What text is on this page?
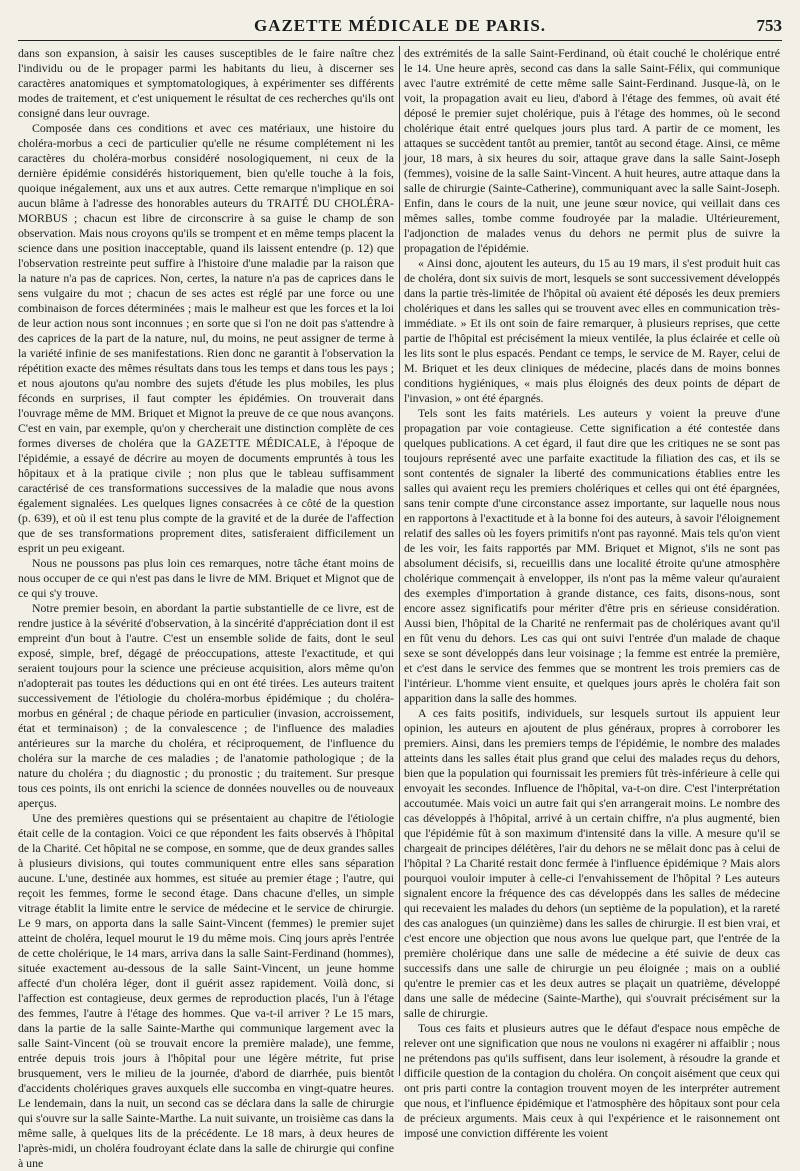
GAZETTE MÉDICALE DE PARIS.	753

dans son expansion, à saisir les causes susceptibles de le faire naître chez l'individu ou de le propager parmi les habitants du lieu, à discerner ses caractères anatomiques et symptomatologiques, à expérimenter ses différents modes de traitement, et c'est uniquement le résultat de ces recherches qu'ils ont consigné dans leur ouvrage.

Composée dans ces conditions et avec ces matériaux, une histoire du choléra-morbus a ceci de particulier qu'elle ne résume complétement ni les caractères du choléra-morbus considéré nosologiquement, ni ceux de la dernière épidémie considérés historiquement, bien qu'elle touche à la fois, quoique inégalement, aux uns et aux autres. Cette remarque n'implique en soi aucun blâme à l'adresse des honorables auteurs du TRAITÉ DU CHOLÉRA-MORBUS ; chacun est libre de circonscrire à sa guise le champ de son observation. Mais nous croyons qu'ils se trompent et en même temps placent la science dans une position inacceptable, quand ils laissent entendre (p. 12) que l'observation restreinte peut suffire à l'histoire d'une maladie par la raison que la nature n'a pas de caprices. Non, certes, la nature n'a pas de caprices dans le sens vulgaire du mot ; chacun de ses actes est réglé par une force ou une combinaison de forces déterminées ; mais le malheur est que les forces et la loi de leur action nous sont inconnues ; en sorte que si l'on ne doit pas s'attendre à des caprices de la part de la nature, nul, du moins, ne peut assigner de terme à la variété infinie de ses manifestations. Rien donc ne garantit à l'observation la répétition exacte des mêmes résultats dans tous les temps et dans tous les pays ; et nous ajoutons qu'au nombre des sujets d'étude les plus mobiles, les plus féconds en surprises, il faut compter les épidémies. On trouverait dans l'ouvrage même de MM. Briquet et Mignot la preuve de ce que nous avançons. C'est en vain, par exemple, qu'on y chercherait une distinction complète de ces formes diverses de choléra que la GAZETTE MÉDICALE, à l'époque de l'épidémie, a essayé de décrire au moyen de documents empruntés à tous les hôpitaux et à la pratique civile ; non plus que le tableau suffisamment caractérisé de ces transformations successives de la maladie que nous avons également signalées. Les quelques lignes consacrées à ce côté de la question (p. 639), et où il est tenu plus compte de la gravité et de la durée de l'affection que de ses transformations proprement dites, satisferaient difficilement un esprit un peu exigeant.

Nous ne poussons pas plus loin ces remarques, notre tâche étant moins de nous occuper de ce qui n'est pas dans le livre de MM. Briquet et Mignot que de ce qui s'y trouve.

Notre premier besoin, en abordant la partie substantielle de ce livre, est de rendre justice à la sévérité d'observation, à la sincérité d'appréciation dont il est empreint d'un bout à l'autre. C'est un ensemble solide de faits, dont le seul exposé, simple, bref, dégagé de préoccupations, atteste l'exactitude, et qui seraient toujours pour la science une précieuse acquisition, alors même qu'on n'adopterait pas toutes les déductions qui en ont été tirées. Les auteurs traitent successivement de l'étiologie du choléra-morbus épidémique ; du choléra-morbus en général ; de chaque période en particulier (invasion, accroissement, état et terminaison) ; de la convalescence ; de l'influence des maladies antérieures sur la marche du choléra, et réciproquement, de l'influence du choléra sur la marche de ces maladies ; de l'anatomie pathologique ; de la nature du choléra ; du diagnostic ; du pronostic ; du traitement. Sur presque tous ces points, ils ont enrichi la science de données nouvelles ou de nouveaux aperçus.

Une des premières questions qui se présentaient au chapitre de l'étiologie était celle de la contagion. Voici ce que répondent les faits observés à l'hôpital de la Charité. Cet hôpital ne se compose, en somme, que de deux grandes salles à plusieurs divisions, qui toutes communiquent entre elles sans séparation aucune. L'une, destinée aux hommes, est située au premier étage ; l'autre, qui reçoit les femmes, forme le second étage. Dans chacune d'elles, un simple vitrage établit la limite entre le service de médecine et le service de chirurgie. Le 9 mars, on apporta dans la salle Saint-Vincent (femmes) le premier sujet atteint de choléra, lequel mourut le 19 du même mois. Cinq jours après l'entrée de cette cholérique, le 14 mars, arriva dans la salle Saint-Ferdinand (hommes), située exactement au-dessous de la salle Saint-Vincent, un jeune homme affecté d'un choléra léger, dont il guérit assez rapidement. Voilà donc, si l'affection est contagieuse, deux germes de reproduction placés, l'un à l'étage des femmes, l'autre à l'étage des hommes. Que va-t-il arriver ? Le 15 mars, dans la partie de la salle Sainte-Marthe qui communique largement avec la salle Saint-Vincent (où se trouvait encore la première malade), une femme, entrée depuis trois jours à l'hôpital pour une légère métrite, fut prise brusquement, vers le milieu de la journée, d'abord de diarrhée, puis bientôt d'accidents cholériques graves auxquels elle succomba en vingt-quatre heures. Le lendemain, dans la nuit, un second cas se déclara dans la salle de chirurgie qui s'ouvre sur la salle Sainte-Marthe. La nuit suivante, un troisième cas dans la même salle, à quelques lits de la précédente. Le 18 mars, à deux heures de l'après-midi, un choléra foudroyant éclate dans la salle de chirurgie qui confine à une

des extrémités de la salle Saint-Ferdinand, où était couché le cholérique entré le 14. Une heure après, second cas dans la salle Saint-Félix, qui communique avec l'autre extrémité de cette même salle Saint-Ferdinand. Jusque-là, on le voit, la propagation avait eu lieu, d'abord à l'étage des femmes, où avait été déposé le premier sujet cholérique, puis à l'étage des hommes, où le second cholérique était entré quelques jours plus tard. A partir de ce moment, les attaques se succèdent tantôt au premier, tantôt au second étage. Ainsi, ce même jour, 18 mars, à six heures du soir, attaque grave dans la salle Saint-Joseph (femmes), voisine de la salle Saint-Vincent. A huit heures, autre attaque dans la salle de chirurgie (Sainte-Catherine), communiquant avec la salle Saint-Joseph. Enfin, dans le cours de la nuit, une jeune sœur novice, qui veillait dans ces mêmes salles, tombe comme foudroyée par la maladie. Ultérieurement, l'adjonction de malades venus du dehors ne permit plus de suivre la propagation de l'épidémie.

« Ainsi donc, ajoutent les auteurs, du 15 au 19 mars, il s'est produit huit cas de choléra, dont six suivis de mort, lesquels se sont successivement développés dans la partie très-limitée de l'hôpital où avaient été déposés les deux premiers cholériques et dans les salles qui se trouvent avec elles en communication très-immédiate. » Et ils ont soin de faire remarquer, à plusieurs reprises, que cette partie de l'hôpital est précisément la mieux ventilée, la plus éclairée et celle où les lits sont le plus espacés. Pendant ce temps, le service de M. Rayer, celui de M. Briquet et les deux cliniques de médecine, placés dans de moins bonnes conditions hygiéniques, « mais plus éloignés des deux points de départ de l'invasion, » ont été épargnés.

Tels sont les faits matériels. Les auteurs y voient la preuve d'une propagation par voie contagieuse. Cette signification a été contestée dans quelques publications. A cet égard, il faut dire que les critiques ne se sont pas toujours représenté avec une parfaite exactitude la filiation des cas, et ils se sont contentés de signaler la liberté des communications établies entre les salles qui avaient reçu les premiers cholériques et celles qui ont été épargnées, sans tenir compte d'une circonstance assez importante, sur laquelle nous nous en rapportons à l'exactitude et à la bonne foi des auteurs, à savoir l'éloignement relatif des salles où les foyers primitifs n'ont pas rayonné. Mais tels qu'on vient de les voir, les faits rapportés par MM. Briquet et Mignot, s'ils ne sont pas absolument décisifs, si, recueillis dans une localité étroite qu'une atmosphère cholérique commençait à envelopper, ils n'ont pas la même valeur qu'auraient des exemples d'importation à grande distance, ces faits, disons-nous, sont encore assez significatifs pour mériter d'être pris en sérieuse considération. Aussi bien, l'hôpital de la Charité ne renfermait pas de cholériques avant qu'il en fût venu du dehors. Les cas qui ont suivi l'entrée d'un malade de chaque sexe se sont développés dans leur voisinage ; la femme est entrée la première, et c'est dans le service des femmes que se montrent les trois premiers cas de l'intérieur. L'homme vient ensuite, et quelques jours après le choléra fait son apparition dans la salle des hommes.

A ces faits positifs, individuels, sur lesquels surtout ils appuient leur opinion, les auteurs en ajoutent de plus généraux, propres à corroborer les premiers. Ainsi, dans les premiers temps de l'épidémie, le nombre des malades atteints dans les salles était plus grand que celui des malades reçus du dehors, bien que la population qui fournissait les premiers fût très-inférieure à celle qui envoyait les secondes. Influence de l'hôpital, va-t-on dire. C'est l'interprétation accoutumée. Mais voici un autre fait qui s'en arrangerait moins. Le nombre des cas développés à l'hôpital, arrivé à un certain chiffre, n'a plus augmenté, bien que l'épidémie fût à son maximum d'intensité dans la ville. A mesure qu'il se chargeait de principes délétères, l'air du dehors ne se mêlait donc pas à celui de l'hôpital ? La Charité restait donc fermée à l'influence épidémique ? Mais alors pourquoi vouloir imputer à celle-ci l'envahissement de l'hôpital ? Les auteurs signalent encore la fréquence des cas développés dans les salles de médecine qui recevaient les malades du dehors (un septième de la population), et la rareté des cas analogues (un quinzième) dans les salles de chirurgie. Il est bien vrai, et c'est encore une objection que nous avons lue quelque part, que l'entrée de la première cholérique dans une salle de médecine a été suivie de deux cas successifs dans une salle de chirurgie un peu éloignée ; mais on a oublié qu'entre le premier cas et les deux autres se plaçait un quatrième, développé dans une salle de médecine (Sainte-Marthe), qui s'ouvrait précisément sur la salle de chirurgie.

Tous ces faits et plusieurs autres que le défaut d'espace nous empêche de relever ont une signification que nous ne voulons ni exagérer ni affaiblir ; nous ne prétendons pas qu'ils suffisent, dans leur isolement, à résoudre la grande et difficile question de la contagion du choléra. On conçoit aisément que ceux qui ont pris parti contre la contagion trouvent moyen de les interpréter autrement que nous, et l'influence épidémique et l'atmosphère des hôpitaux sont pour cela de précieux arguments. Mais ceux à qui l'expérience et le raisonnement ont imposé une conviction différente les voient
